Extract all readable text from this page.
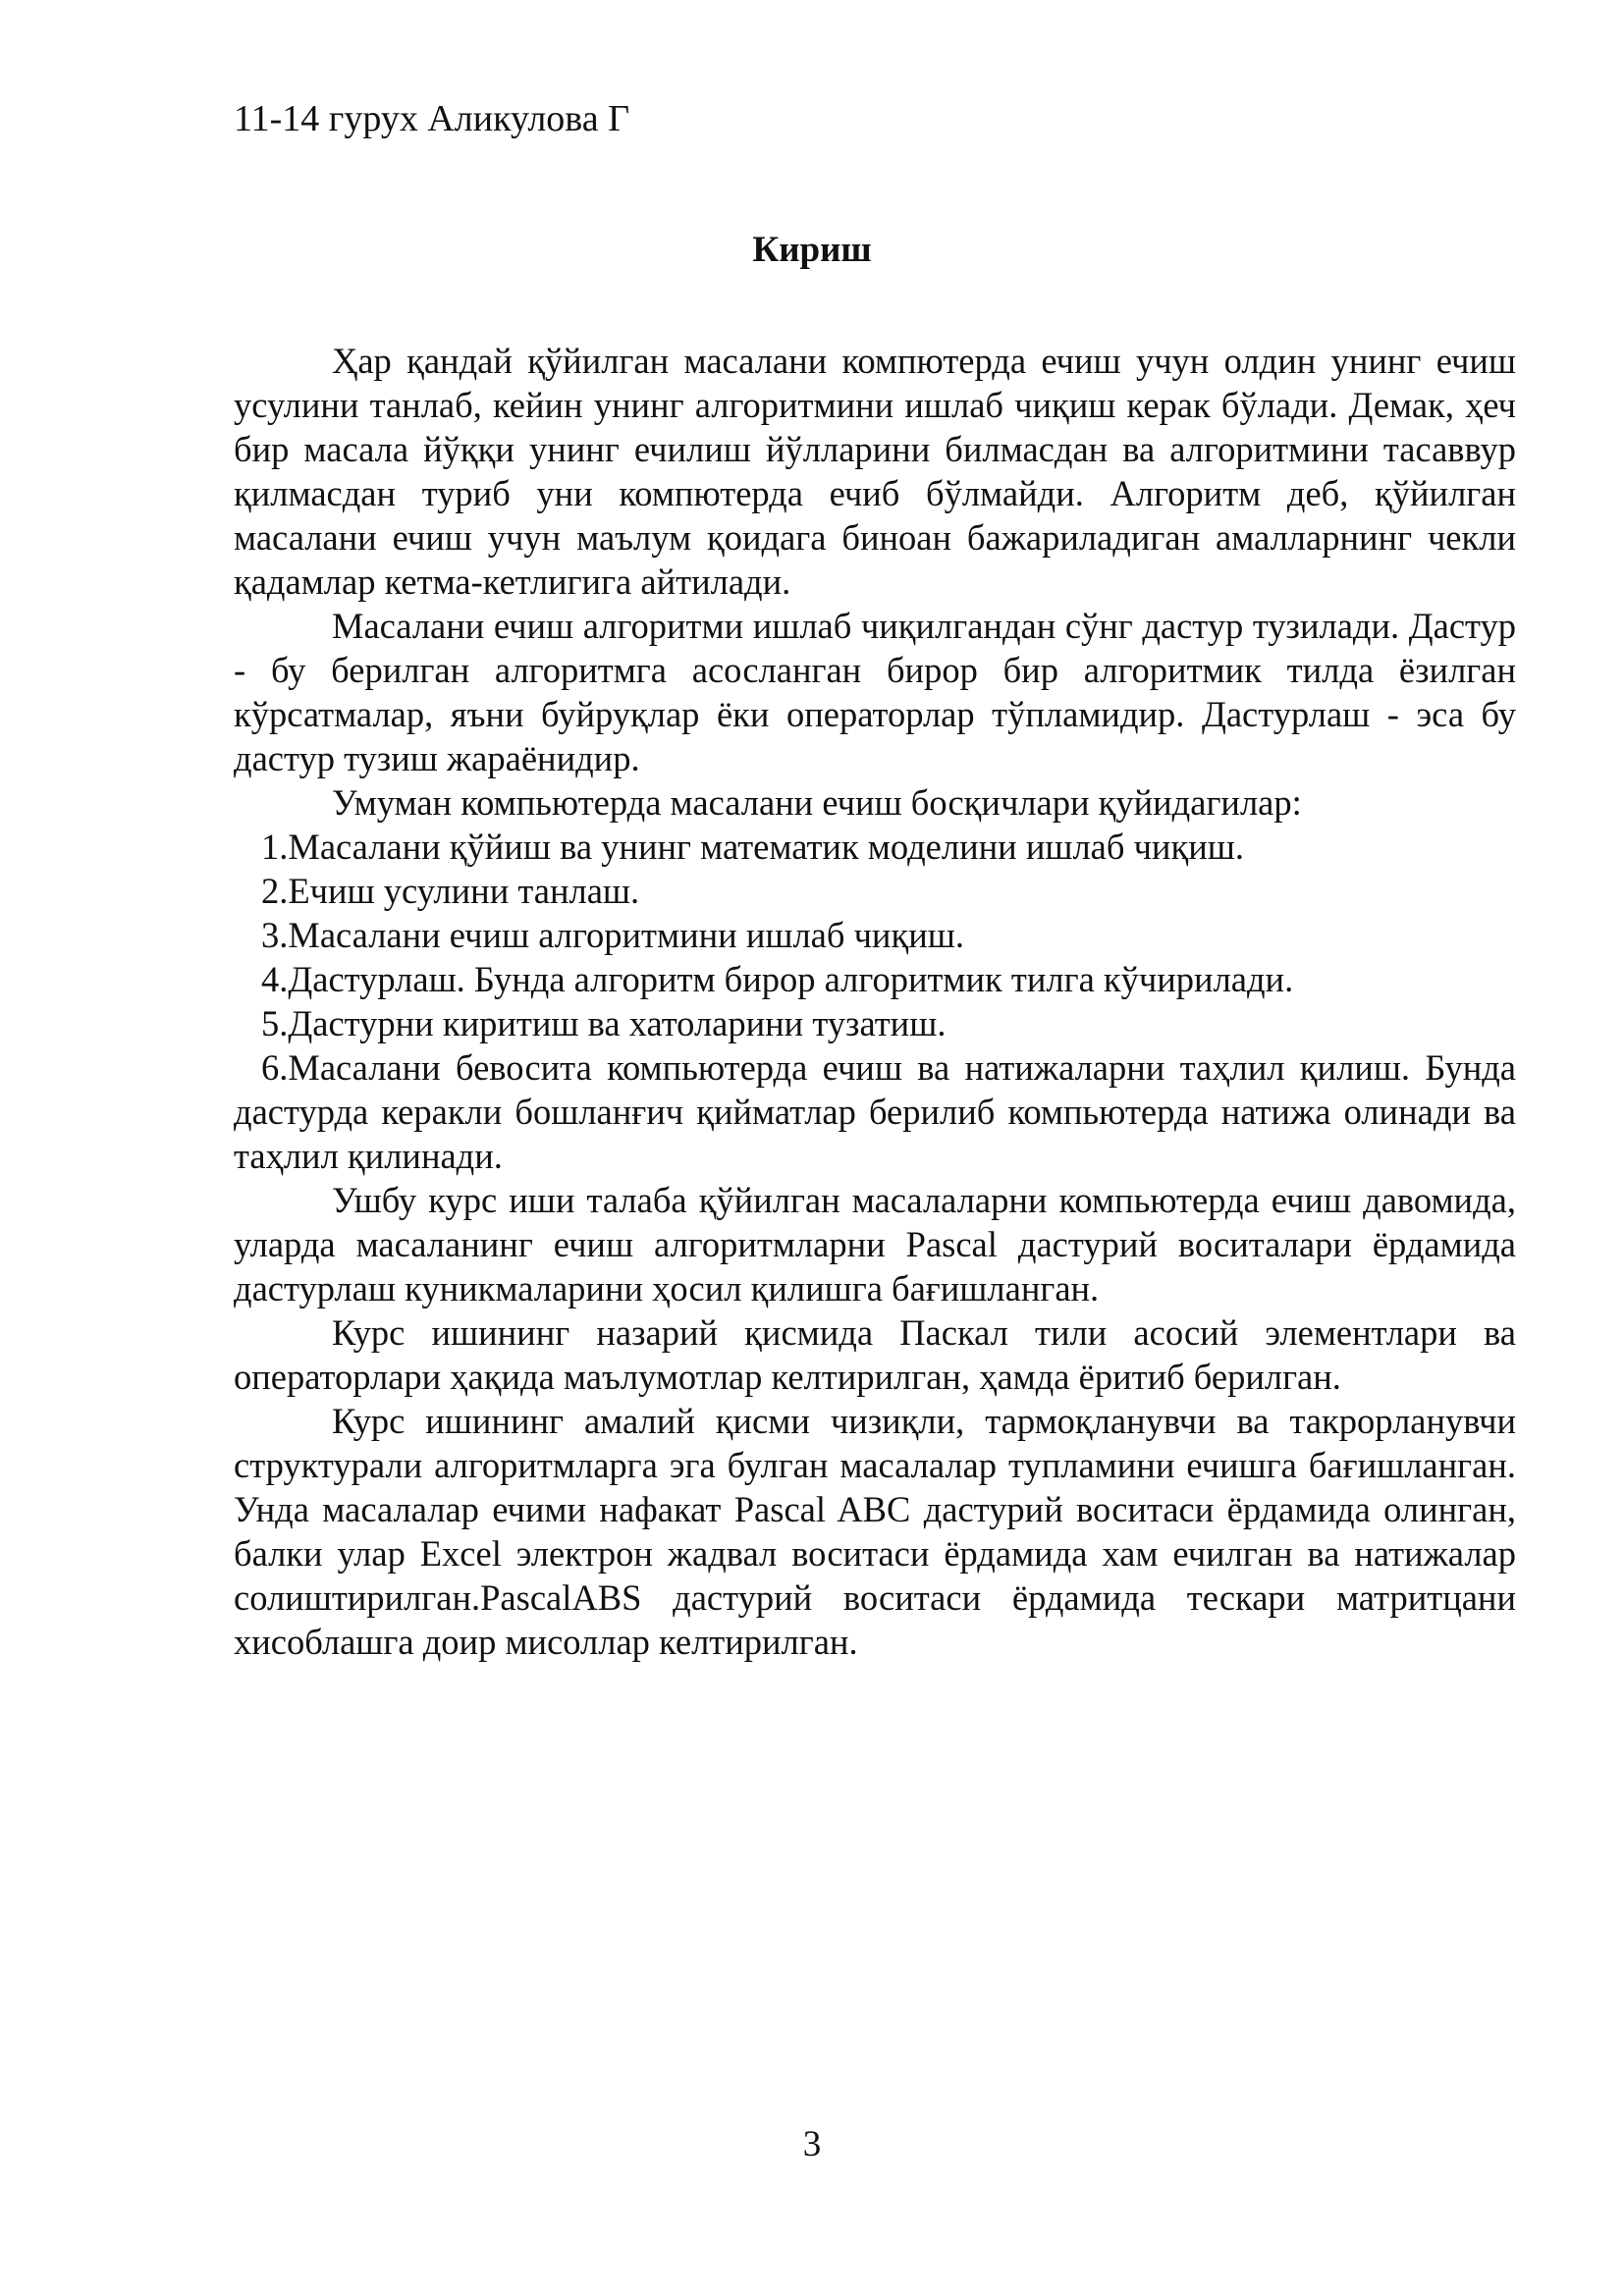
11-14 гурух Аликулова Г
Кириш

Ҳар қандай қўйилган масалани компютерда ечиш учун олдин унинг ечиш усулини танлаб, кейин унинг алгоритмини ишлаб чиқиш керак бўлади. Демак, ҳеч бир масала йўққи унинг ечилиш йўлларини билмасдан ва алгоритмини тасаввур қилмасдан туриб уни компютерда ечиб бўлмайди. Алгоритм деб, қўйилган масалани ечиш учун маълум қоидага биноан бажариладиган амалларнинг чекли қадамлар кетма-кетлигига айтилади.

Масалани ечиш алгоритми ишлаб чиқилгандан сўнг дастур тузилади. Дастур - бу берилган алгоритмга асосланган бирор бир алгоритмик тилда ёзилган кўрсатмалар, яъни буйруқлар ёки операторлар тўпламидир. Дастурлаш - эса бу дастур тузиш жараёнидир.

Умуман компьютерда масалани ечиш босқичлари қуйидагилар:

1.Масалани қўйиш ва унинг математик моделини ишлаб чиқиш.

2.Ечиш усулини танлаш.

3.Масалани ечиш алгоритмини ишлаб чиқиш.

4.Дастурлаш. Бунда алгоритм бирор алгоритмик тилга кўчирилади.

5.Дастурни киритиш ва хатоларини тузатиш.

6.Масалани бевосита компьютерда ечиш ва натижаларни таҳлил қилиш. Бунда дастурда керакли бошланғич қийматлар берилиб компьютерда натижа олинади ва таҳлил қилинади.

Ушбу курс иши талаба қўйилган масалаларни компьютерда ечиш давомида, уларда масаланинг ечиш алгоритмларни Pascal дастурий воситалари ёрдамида дастурлаш куникмаларини ҳосил қилишга бағишланган.

Курс ишининг назарий қисмида Паскал тили асосий элементлари ва операторлари ҳақида маълумотлар келтирилган, ҳамда ёритиб берилган.

Курс ишининг амалий қисми чизиқли, тармоқланувчи ва такрорланувчи структурали алгоритмларга эга булган масалалар тупламини ечишга бағишланган. Унда масалалар ечими нафакат Pascal ABC дастурий воситаси ёрдамида олинган, балки улар Excel электрон жадвал воситаси ёрдамида хам ечилган ва натижалар солиштирилган.PascalABS дастурий воситаси ёрдамида тескари матритцани хисоблашга доир мисоллар келтирилган.

3
